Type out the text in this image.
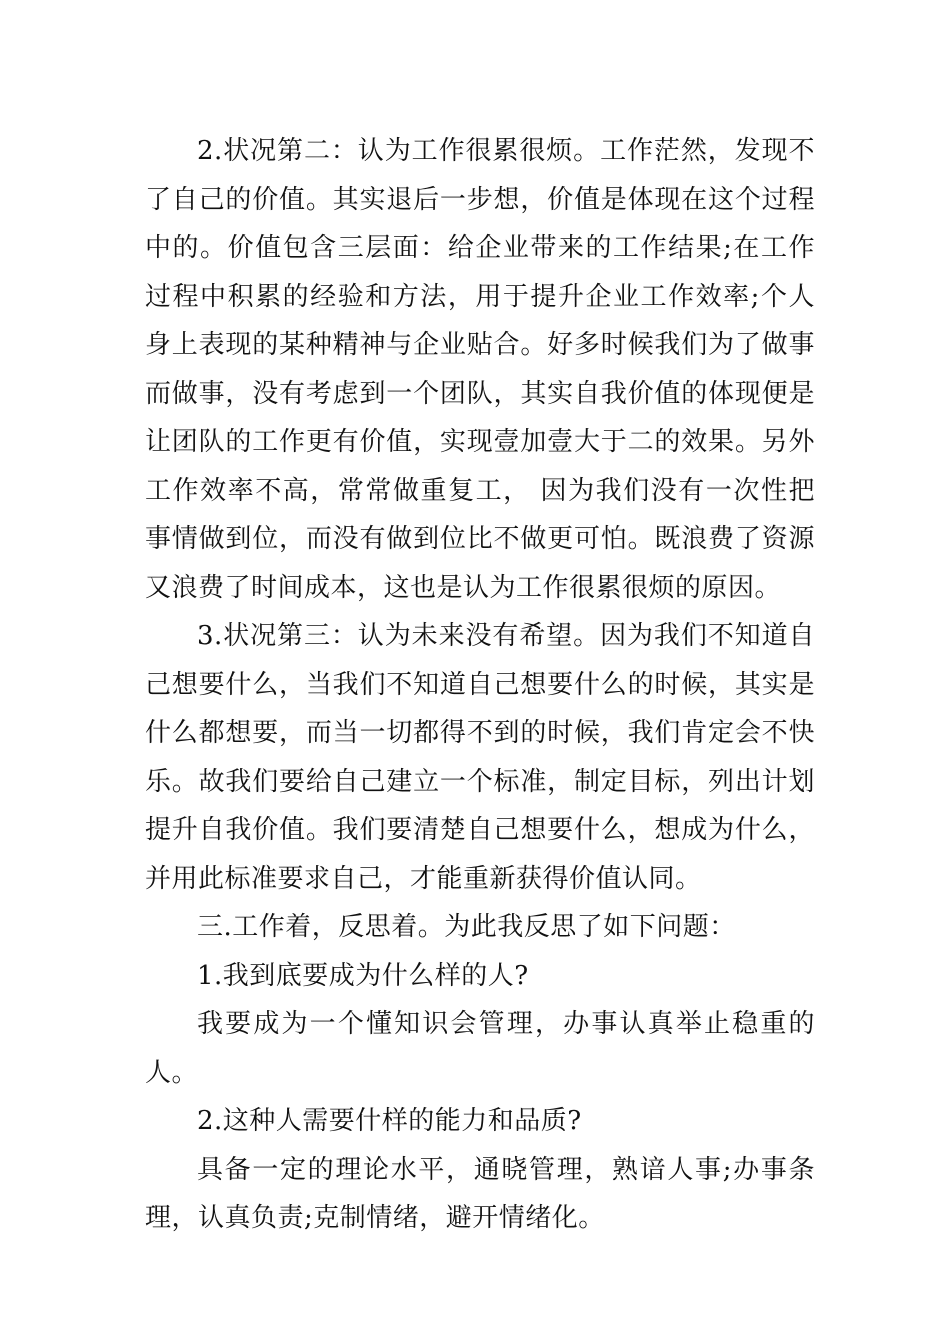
2.状况第二：认为工作很累很烦。工作茫然，发现不了自己的价值。其实退后一步想，价值是体现在这个过程中的。价值包含三层面：给企业带来的工作结果;在工作过程中积累的经验和方法，用于提升企业工作效率;个人身上表现的某种精神与企业贴合。好多时候我们为了做事而做事，没有考虑到一个团队，其实自我价值的体现便是让团队的工作更有价值，实现壹加壹大于二的效果。另外工作效率不高，常常做重复工， 因为我们没有一次性把事情做到位，而没有做到位比不做更可怕。既浪费了资源又浪费了时间成本，这也是认为工作很累很烦的原因。

3.状况第三：认为未来没有希望。因为我们不知道自己想要什么，当我们不知道自己想要什么的时候，其实是什么都想要，而当一切都得不到的时候，我们肯定会不快乐。故我们要给自己建立一个标准，制定目标，列出计划提升自我价值。我们要清楚自己想要什么，想成为什么，并用此标准要求自己，才能重新获得价值认同。

三.工作着，反思着。为此我反思了如下问题：

1.我到底要成为什么样的人?

我要成为一个懂知识会管理，办事认真举止稳重的人。

2.这种人需要什样的能力和品质?

具备一定的理论水平，通晓管理，熟谙人事;办事条理，认真负责;克制情绪，避开情绪化。
